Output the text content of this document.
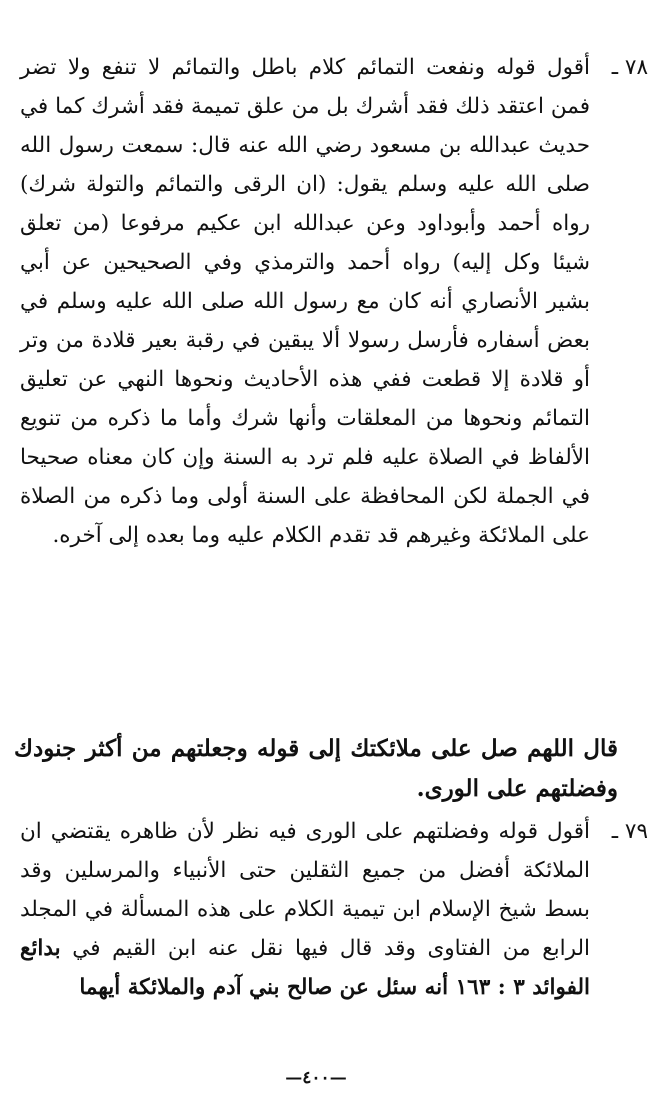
٧٨ ـ
أقول قوله ونفعت التمائم كلام باطل والتمائم لا تنفع ولا تضر فمن اعتقد ذلك فقد أشرك بل من علق تميمة فقد أشرك كما في حديث عبدالله بن مسعود رضي الله عنه قال: سمعت رسول الله صلى الله عليه وسلم يقول: (ان الرقى والتمائم والتولة شرك) رواه أحمد وأبوداود وعن عبدالله ابن عكيم مرفوعا (من تعلق شيئا وكل إليه) رواه أحمد والترمذي وفي الصحيحين عن أبي بشير الأنصاري أنه كان مع رسول الله صلى الله عليه وسلم في بعض أسفاره فأرسل رسولا ألا يبقين في رقبة بعير قلادة من وتر أو قلادة إلا قطعت ففي هذه الأحاديث ونحوها النهي عن تعليق التمائم ونحوها من المعلقات وأنها شرك وأما ما ذكره من تنويع الألفاظ في الصلاة عليه فلم ترد به السنة وإن كان معناه صحيحا في الجملة لكن المحافظة على السنة أولى وما ذكره من الصلاة على الملائكة وغيرهم قد تقدم الكلام عليه وما بعده إلى آخره.

قال اللهم صل على ملائكتك إلى قوله وجعلتهم من أكثر جنودك وفضلتهم على الورى.

٧٩ ـ
أقول قوله وفضلتهم على الورى فيه نظر لأن ظاهره يقتضي ان الملائكة أفضل من جميع الثقلين حتى الأنبياء والمرسلين وقد بسط شيخ الإسلام ابن تيمية الكلام على هذه المسألة في المجلد الرابع من الفتاوى وقد قال فيها نقل عنه ابن القيم في بدائع الفوائد ٣ : ١٦٣ أنه سئل عن صالح بني آدم والملائكة أيهما

—٤٠٠—
